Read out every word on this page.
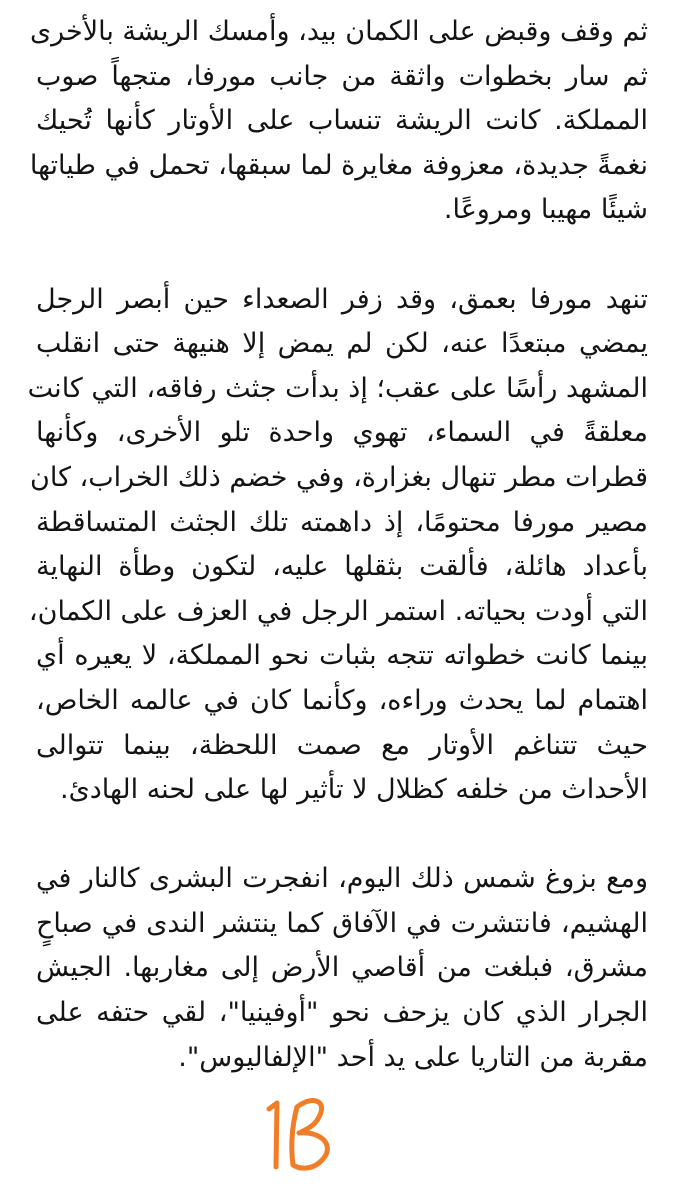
ثم وقف وقبض على الكمان بيد، وأمسك الريشة بالأخرى
ثم سار بخطوات واثقة من جانب مورفا، متجهاً صوب
المملكة. كانت الريشة تنساب على الأوتار كأنها تُحيك
نغمةً جديدة، معزوفة مغايرة لما سبقها، تحمل في طياتها
شيئًا مهيبا ومروعًا.
تنهد مورفا بعمق، وقد زفر الصعداء حين أبصر الرجل
يمضي مبتعدًا عنه، لكن لم يمض إلا هنيهة حتى انقلب
المشهد رأسًا على عقب؛ إذ بدأت جثث رفاقه، التي كانت
معلقةً في السماء، تهوي واحدة تلو الأخرى، وكأنها
قطرات مطر تنهال بغزارة، وفي خضم ذلك الخراب، كان
مصير مورفا محتومًا، إذ داهمته تلك الجثث المتساقطة
بأعداد هائلة، فألقت بثقلها عليه، لتكون وطأة النهاية
التي أودت بحياته. استمر الرجل في العزف على الكمان،
بينما كانت خطواته تتجه بثبات نحو المملكة، لا يعيره أي
اهتمام لما يحدث وراءه، وكأنما كان في عالمه الخاص،
حيث تتناغم الأوتار مع صمت اللحظة، بينما تتوالى
الأحداث من خلفه كظلال لا تأثير لها على لحنه الهادئ.
ومع بزوغ شمس ذلك اليوم، انفجرت البشرى كالنار في
الهشيم، فانتشرت في الآفاق كما ينتشر الندى في صباحٍ
مشرق، فبلغت من أقاصي الأرض إلى مغاربها. الجيش
الجرار الذي كان يزحف نحو "أوفينيا"، لقي حتفه على
مقربة من التاريا على يد أحد "الإلفاليوس".
